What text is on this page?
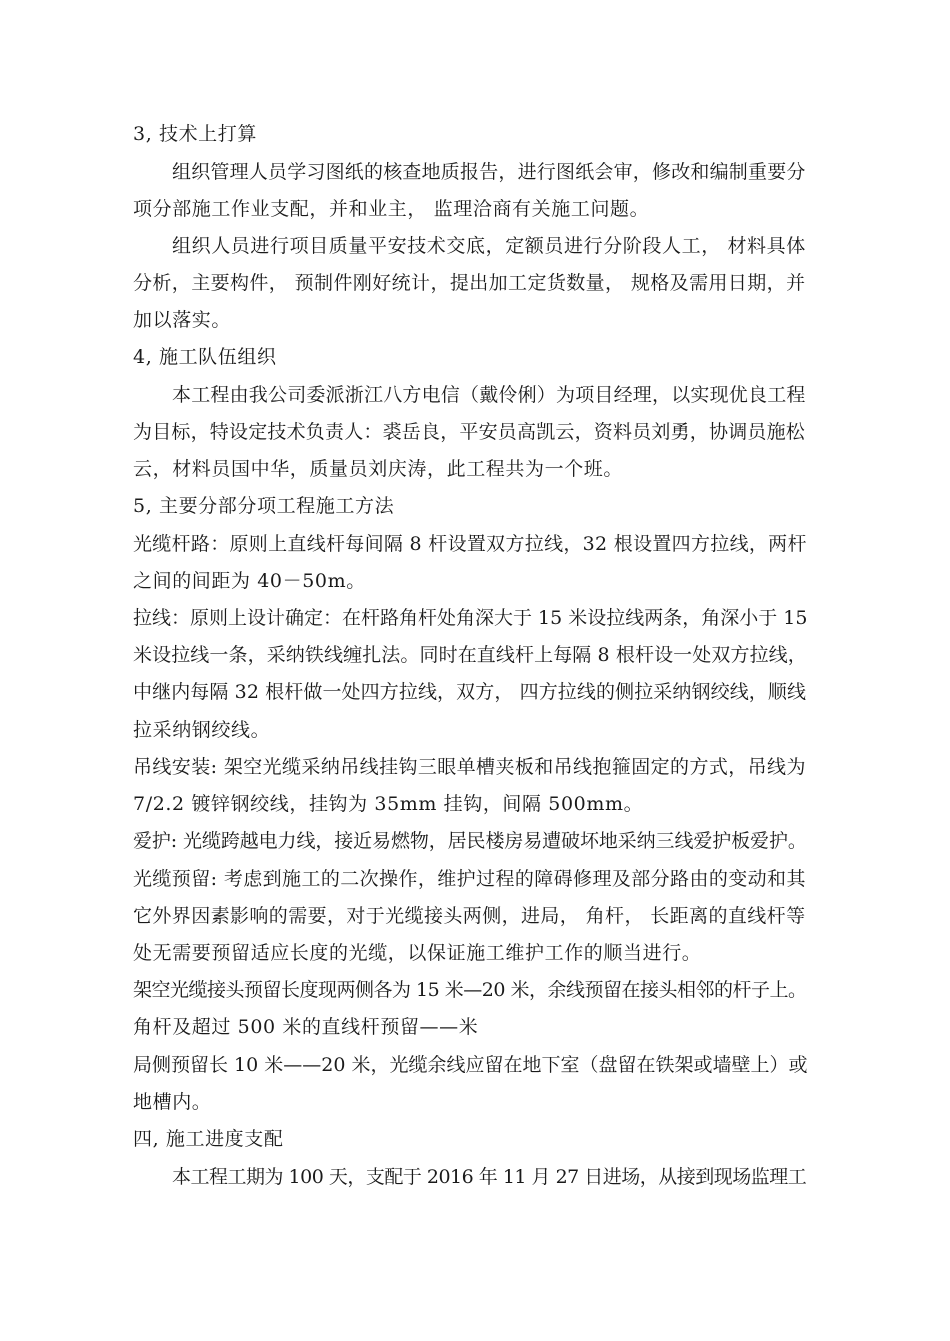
3, 技术上打算
组织管理人员学习图纸的核查地质报告，进行图纸会审，修改和编制重要分
项分部施工作业支配，并和业主， 监理洽商有关施工问题。
组织人员进行项目质量平安技术交底，定额员进行分阶段人工， 材料具体
分析，主要构件， 预制件刚好统计，提出加工定货数量， 规格及需用日期，并
加以落实。
4, 施工队伍组织
本工程由我公司委派浙江八方电信（戴伶俐）为项目经理，以实现优良工程
为目标，特设定技术负责人：裘岳良，平安员高凯云，资料员刘勇，协调员施松
云，材料员国中华，质量员刘庆涛，此工程共为一个班。
5, 主要分部分项工程施工方法
光缆杆路：原则上直线杆每间隔 8 杆设置双方拉线，32 根设置四方拉线，两杆
之间的间距为 40－50m。
拉线：原则上设计确定：在杆路角杆处角深大于 15 米设拉线两条，角深小于 15
米设拉线一条，采纳铁线缠扎法。同时在直线杆上每隔 8 根杆设一处双方拉线，
中继内每隔 32 根杆做一处四方拉线，双方， 四方拉线的侧拉采纳钢绞线，顺线
拉采纳钢绞线。
吊线安装: 架空光缆采纳吊线挂钩三眼单槽夹板和吊线抱箍固定的方式，吊线为
7/2.2 镀锌钢绞线，挂钩为 35mm 挂钩，间隔 500mm。
爱护: 光缆跨越电力线，接近易燃物，居民楼房易遭破坏地采纳三线爱护板爱护。
光缆预留: 考虑到施工的二次操作，维护过程的障碍修理及部分路由的变动和其
它外界因素影响的需要，对于光缆接头两侧，进局， 角杆， 长距离的直线杆等
处无需要预留适应长度的光缆，以保证施工维护工作的顺当进行。
架空光缆接头预留长度现两侧各为 15 米—20 米，余线预留在接头相邻的杆子上。
角杆及超过 500 米的直线杆预留——米
局侧预留长 10 米——20 米，光缆余线应留在地下室（盘留在铁架或墙壁上）或
地槽内。
四, 施工进度支配
本工程工期为 100 天，支配于 2016 年 11 月 27 日进场，从接到现场监理工
